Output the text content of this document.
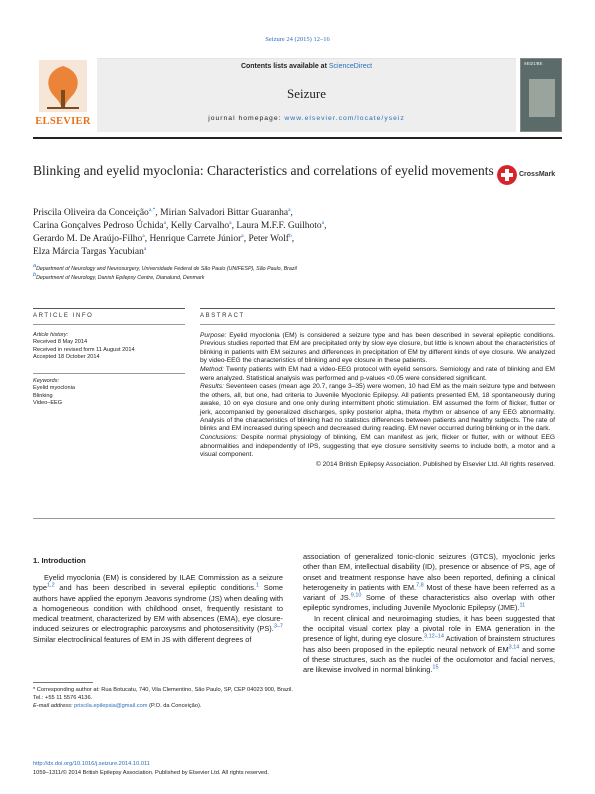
Seizure 24 (2015) 12–16
ELSEVIER
Contents lists available at ScienceDirect
Seizure
journal homepage: www.elsevier.com/locate/yseiz
SEIZURE
Blinking and eyelid myoclonia: Characteristics and correlations of eyelid movements	CrossMark
Priscila Oliveira da Conceição$^{a,*}$, Mirian Salvadori Bittar Guaranha$^a$,
Carina Gonçalves Pedroso Úchida$^a$, Kelly Carvalho$^a$, Laura M.F.F. Guilhoto$^a$,
Gerardo M. De Araújo-Filho$^a$, Henrique Carrete Júnior$^a$, Peter Wolf$^b$,
Elza Márcia Targas Yacubian$^a$
$^a$Department of Neurology and Neurosurgery, Universidade Federal de São Paulo (UNIFESP), São Paulo, Brazil
$^b$Department of Neurology, Danish Epilepsy Centre, Dianalund, Denmark
ARTICLE INFO
Article history:
Received 8 May 2014
Received in revised form 11 August 2014
Accepted 18 October 2014
Keywords:
Eyelid myoclonia
Blinking
Video–EEG
ABSTRACT

Purpose: Eyelid myoclonia (EM) is considered a seizure type and has been described in several epileptic conditions. Previous studies reported that EM are precipitated only by slow eye closure, but little is known about the characteristics of blinking in patients with EM seizures and differences in precipitation of EM by different kinds of eye closure. We analyzed by video-EEG the characteristics of blinking and eye closure in these patients.

Method: Twenty patients with EM had a video-EEG protocol with eyelid sensors. Semiology and rate of blinking and EM were analyzed. Statistical analysis was performed and p-values <0.05 were considered significant.

Results: Seventeen cases (mean age 20.7, range 3–35) were women, 10 had EM as the main seizure type and between the others, all, but one, had criteria to Juvenile Myoclonic Epilepsy. All patients presented EM, 18 spontaneously during awake, 10 on eye closure and one only during intermittent photic stimulation. EM assumed the form of flicker, flutter or jerk, accompanied by generalized discharges, spiky posterior alpha, theta rhythm or absence of any EEG abnormality. Analysis of the characteristics of blinking had no statistics differences between patients and healthy subjects. The rate of blinks and EM increased during speech and decreased during reading. EM never occurred during blinking or in the dark.

Conclusions: Despite normal physiology of blinking, EM can manifest as jerk, flicker or flutter, with or without EEG abnormalities and independently of IPS, suggesting that eye closure sensitivity seems to include both, a motor and a visual component.

© 2014 British Epilepsy Association. Published by Elsevier Ltd. All rights reserved.
1. Introduction

Eyelid myoclonia (EM) is considered by ILAE Commission as a seizure type$^{1,2}$ and has been described in several epileptic conditions.$^1$ Some authors have applied the eponym Jeavons syndrome (JS) when dealing with a homogeneous condition with childhood onset, frequently resistant to medical treatment, characterized by EM with absences (EMA), eye closure-induced seizures or electrographic paroxysms and photosensitivity (PS).$^{3-7}$ Similar electroclinical features of EM in JS with different degrees of

association of generalized tonic-clonic seizures (GTCS), myoclonic jerks other than EM, intellectual disability (ID), presence or absence of PS, age of onset and treatment response have also been reported, defining a clinical heterogeneity in patients with EM.$^{7,8}$ Most of these have been referred as a variant of JS.$^{9,10}$ Some of these characteristics also overlap with other epileptic syndromes, including Juvenile Myoclonic Epilepsy (JME).$^{11}$

In recent clinical and neuroimaging studies, it has been suggested that the occipital visual cortex play a pivotal role in EMA generation in the presence of light, during eye closure.$^{3,12-14}$ Activation of brainstem structures has also been proposed in the epileptic neural network of EM$^{3,14}$ and some of these structures, such as the nuclei of the oculomotor and facial nerves, are likewise involved in normal blinking.$^{15}$

* Corresponding author at: Rua Botucatu, 740, Vila Clementino, São Paulo, SP, CEP 04023 900, Brazil. Tel.: +55 11 5576 4136.
E-mail address: priscila.epilepsia@gmail.com (P.O. da Conceição).
http://dx.doi.org/10.1016/j.seizure.2014.10.011
1059–1311/© 2014 British Epilepsy Association. Published by Elsevier Ltd. All rights reserved.
